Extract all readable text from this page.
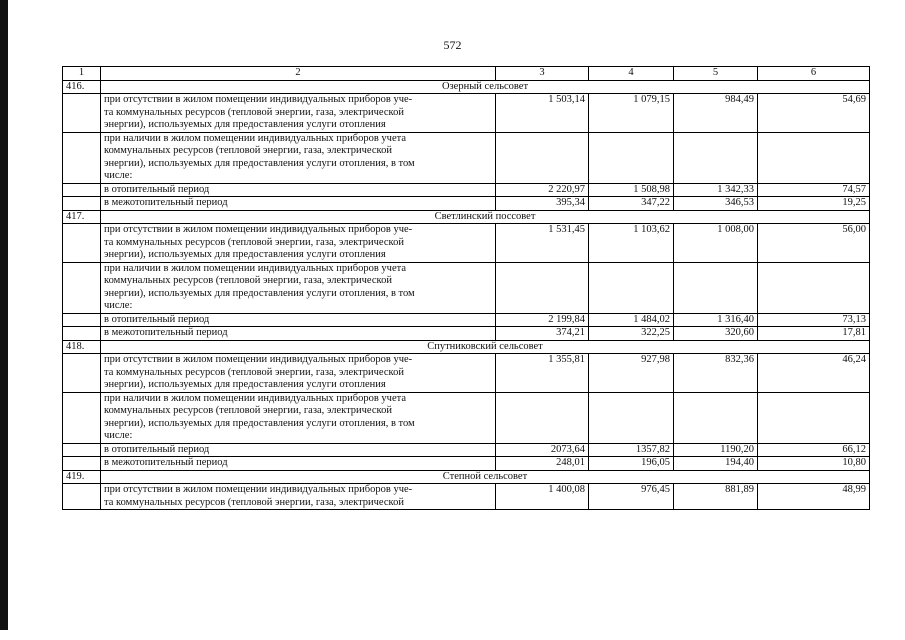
572
1	2	3	4	5	6
416.	Озерный сельсовет				
	при отсутствии в жилом помещении индивидуальных приборов уче-
та коммунальных ресурсов (тепловой энергии, газа, электрической
энергии), используемых для предоставления услуги отопления	1 503,14	1 079,15	984,49	54,69
	при наличии в жилом помещении индивидуальных приборов учета
коммунальных ресурсов (тепловой энергии, газа, электрической
энергии), используемых для предоставления услуги отопления, в том
числе:				
	в отопительный период	2 220,97	1 508,98	1 342,33	74,57
	в межотопительный период	395,34	347,22	346,53	19,25
417.	Светлинский поссовет				
	при отсутствии в жилом помещении индивидуальных приборов уче-
та коммунальных ресурсов (тепловой энергии, газа, электрической
энергии), используемых для предоставления услуги отопления	1 531,45	1 103,62	1 008,00	56,00
	при наличии в жилом помещении индивидуальных приборов учета
коммунальных ресурсов (тепловой энергии, газа, электрической
энергии), используемых для предоставления услуги отопления, в том
числе:				
	в отопительный период	2 199,84	1 484,02	1 316,40	73,13
	в межотопительный период	374,21	322,25	320,60	17,81
418.	Спутниковский сельсовет				
	при отсутствии в жилом помещении индивидуальных приборов уче-
та коммунальных ресурсов (тепловой энергии, газа, электрической
энергии), используемых для предоставления услуги отопления	1 355,81	927,98	832,36	46,24
	при наличии в жилом помещении индивидуальных приборов учета
коммунальных ресурсов (тепловой энергии, газа, электрической
энергии), используемых для предоставления услуги отопления, в том
числе:				
	в отопительный период	2073,64	1357,82	1190,20	66,12
	в межотопительный период	248,01	196,05	194,40	10,80
419.	Степной сельсовет				
	при отсутствии в жилом помещении индивидуальных приборов уче-
та коммунальных ресурсов (тепловой энергии, газа, электрической	1 400,08	976,45	881,89	48,99
